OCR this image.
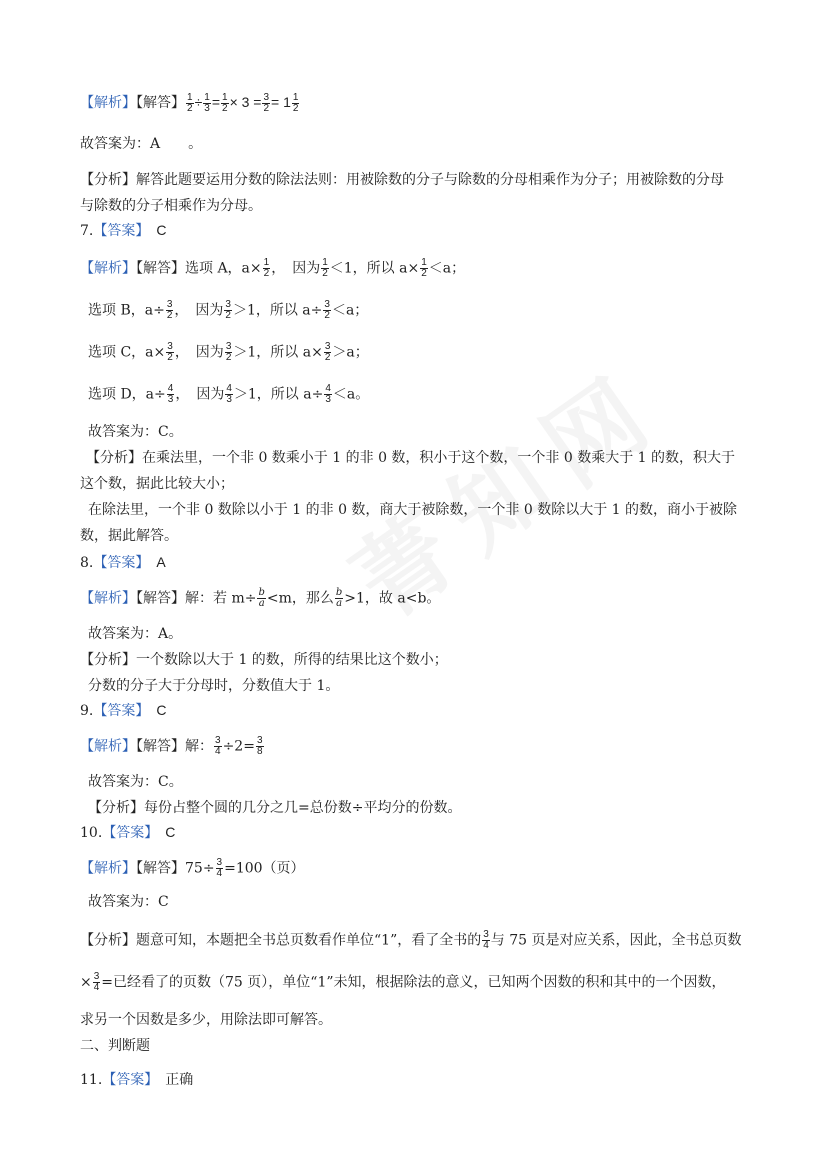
【解析】【解答】 $\frac{1}{2} \div \frac{1}{3} = \frac{1}{2} \times 3 = \frac{3}{2} = 1 \frac{1}{2}$
故答案为：A　　。
【分析】解答此题要运用分数的除法法则：用被除数的分子与除数的分母相乘作为分子；用被除数的分母
与除数的分子相乘作为分母。
7.【答案】　 C
【解析】【解答】选项 A，$a\times \frac{1}{2}$ ，　因为 $\frac{1}{2} <1$，所以 $a\times \frac{1}{2} <a$；
选项 B，$a\div \frac{3}{2}$ ，　因为 $\frac{3}{2} >1$，所以 $a\div \frac{3}{2} <a$；
选项 C，$a\times \frac{3}{2}$ ，　因为 $\frac{3}{2} >1$，所以 $a\times \frac{3}{2} >a$；
选项 D，$a\div \frac{4}{3}$ ，　因为 $\frac{4}{3} >1$，所以 $a\div \frac{4}{3} <a$。
故答案为：C。
【分析】在乘法里，一个非 0 数乘小于 1 的非 0 数，积小于这个数，一个非 0 数乘大于 1 的数，积大于
这个数，据此比较大小；
在除法里，一个非 0 数除以小于 1 的非 0 数，商大于被除数，一个非 0 数除以大于 1 的数，商小于被除
数，据此解答。
8.【答案】　 A
【解析】【解答】解：若 $m\div \frac{b}{a} <m$，那么 $\frac{b}{a} >1$，故 a<b。
故答案为：A。
【分析】一个数除以大于 1 的数，所得的结果比这个数小；
分数的分子大于分母时，分数值大于 1。
9.【答案】　 C
【解析】【解答】解： $\frac{3}{4} \div 2= \frac{3}{8}$
故答案为：C。
【分析】每份占整个圆的几分之几=总份数÷平均分的份数。
10.【答案】　 C
【解析】【解答】$75\div \frac{3}{4} =100$（页）
故答案为：C
【分析】题意可知，本题把全书总页数看作单位“1”，看了全书的 $\frac{3}{4}$ 与 75 页是对应关系，因此，全书总页数
× $\frac{3}{4}$ =已经看了的页数（75 页），单位“1”未知，根据除法的意义，已知两个因数的积和其中的一个因数，
求另一个因数是多少，用除法即可解答。
二、判断题
11.【答案】　 正确
